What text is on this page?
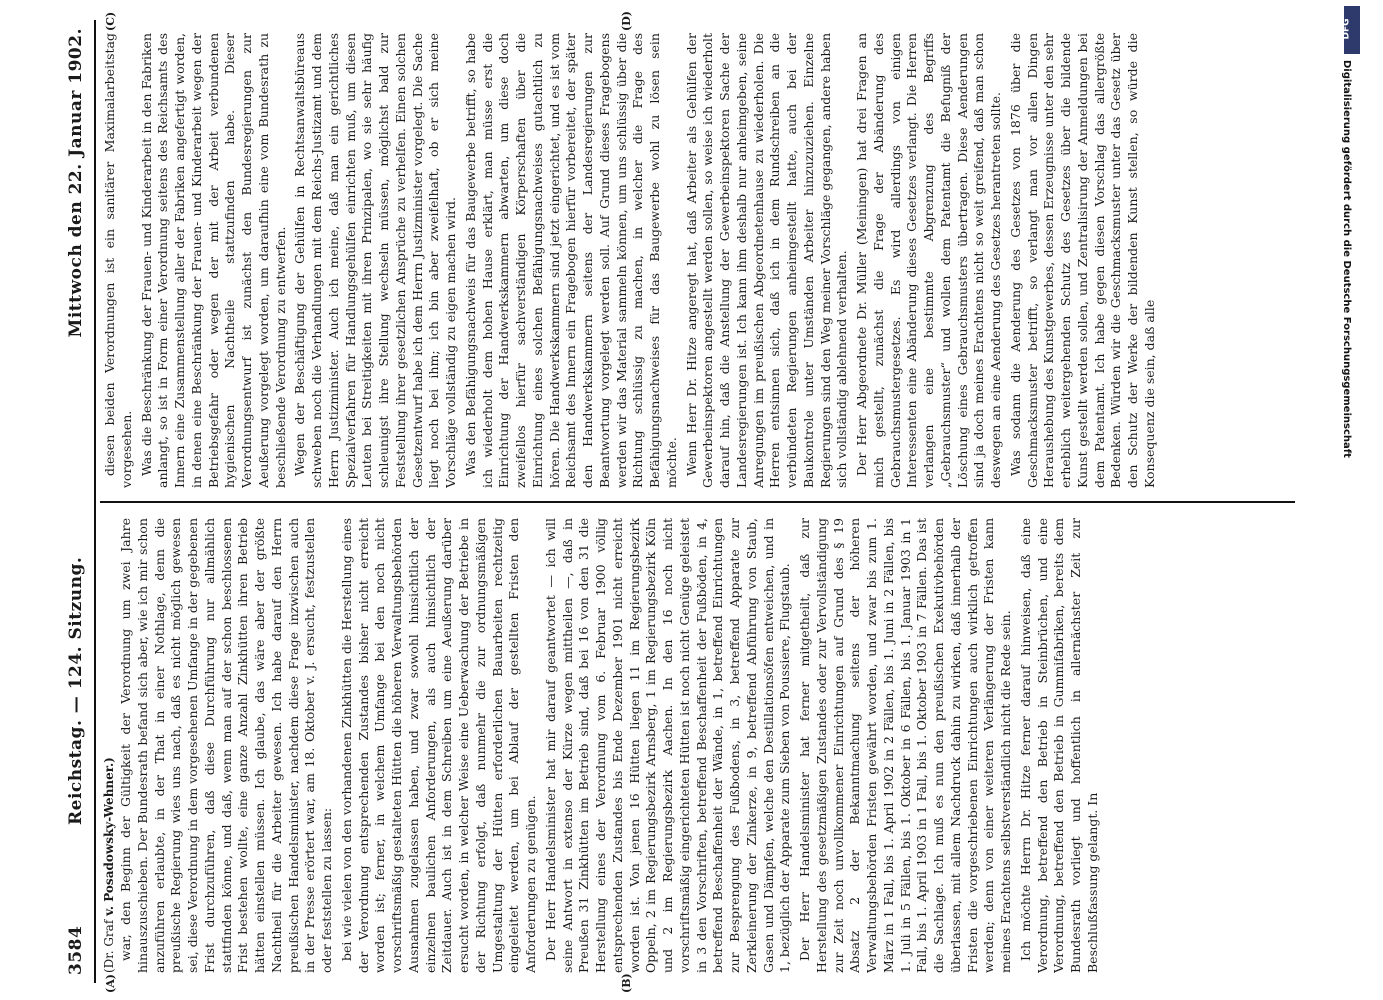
3584
Reichstag. — 124. Sitzung.
Mittwoch den 22. Januar 1902.
(A)	(B)
(C)	(D)
(Dr. Graf v. Posadowsky-Wehner.) war, den Beginn der Gültigkeit der Verordnung um zwei Jahre hinauszuschieben. Der Bundesrath befand sich aber, wie ich mir schon anzuführen erlaubte, in der That in einer Nothlage, denn die preußische Regierung wies uns nach, daß es nicht möglich gewesen sei, diese Verordnung in dem vorgesehenen Umfange in der gegebenen Frist durchzuführen, daß diese Durchführung nur allmählich stattfinden könne, und daß, wenn man auf der schon beschlossenen Frist bestehen wollte, eine ganze Anzahl Zinkhütten ihren Betrieb hätten einstellen müssen. Ich glaube, das wäre aber der größte Nachtheil für die Arbeiter gewesen. Ich habe darauf den Herrn preußischen Handelsminister, nachdem diese Frage inzwischen auch in der Presse erörtert war, am 18. Oktober v. J. ersucht, festzustellen oder feststellen zu lassen: bei wie vielen von den vorhandenen Zinkhütten die Herstellung eines der Verordnung entsprechenden Zustandes bisher nicht erreicht worden ist; ferner, in welchem Umfange bei den noch nicht vorschriftsmäßig gestalteten Hütten die höheren Verwaltungsbehörden Ausnahmen zugelassen haben, und zwar sowohl hinsichtlich der einzelnen baulichen Anforderungen, als auch hinsichtlich der Zeitdauer. Auch ist in dem Schreiben um eine Aeußerung darüber ersucht worden, in welcher Weise eine Ueberwachung der Betriebe in der Richtung erfolgt, daß nunmehr die zur ordnungsmäßigen Umgestaltung der Hütten erforderlichen Bauarbeiten rechtzeitig eingeleitet werden, um bei Ablauf der gestellten Fristen den Anforderungen zu genügen. Der Herr Handelsminister hat mir darauf geantwortet — ich will seine Antwort in extenso der Kürze wegen mittheilen —, daß in Preußen 31 Zinkhütten im Betrieb sind, daß bei 16 von den 31 die Herstellung eines der Verordnung vom 6. Februar 1900 völlig entsprechenden Zustandes bis Ende Dezember 1901 nicht erreicht worden ist. Von jenen 16 Hütten liegen 11 im Regierungsbezirk Oppeln, 2 im Regierungsbezirk Arnsberg, 1 im Regierungsbezirk Köln und 2 im Regierungsbezirk Aachen. In den 16 noch nicht vorschriftsmäßig eingerichteten Hütten ist noch nicht Genüge geleistet in 3 den Vorschriften, betreffend Beschaffenheit der Fußböden, in 4, betreffend Beschaffenheit der Wände, in 1, betreffend Einrichtungen zur Besprengung des Fußbodens, in 3, betreffend Apparate zur Zerkleinerung der Zinkerze, in 9, betreffend Abführung von Staub, Gasen und Dämpfen, welche den Destillationsöfen entweichen, und in 1, bezüglich der Apparate zum Sieben von Poussiere, Flugstaub. Der Herr Handelsminister hat ferner mitgetheilt, daß zur Herstellung des gesetzmäßigen Zustandes oder zur Vervollständigung zur Zeit noch unvollkommener Einrichtungen auf Grund des § 19 Absatz 2 der Bekanntmachung seitens der höheren Verwaltungsbehörden Fristen gewährt worden, und zwar bis zum 1. März in 1 Fall, bis 1. April 1902 in 2 Fällen, bis 1. Juni in 2 Fällen, bis 1. Juli in 5 Fällen, bis 1. Oktober in 6 Fällen, bis 1. Januar 1903 in 1 Fall, bis 1. April 1903 in 1 Fall, bis 1. Oktober 1903 in 7 Fällen. Das ist die Sachlage. Ich muß es nun den preußischen Exekutivbehörden überlassen, mit allem Nachdruck dahin zu wirken, daß innerhalb der Fristen die vorgeschriebenen Einrichtungen auch wirklich getroffen werden; denn von einer weiteren Verlängerung der Fristen kann meines Erachtens selbstverständlich nicht die Rede sein. Ich möchte Herrn Dr. Hitze ferner darauf hinweisen, daß eine Verordnung, betreffend den Betrieb in Steinbrüchen, und eine Verordnung, betreffend den Betrieb in Gummifabriken, bereits dem Bundesrath vorliegt und hoffentlich in allernächster Zeit zur Beschlußfassung gelangt. In

diesen beiden Verordnungen ist ein sanitärer Maximalarbeitstag vorgesehen. Was die Beschränkung der Frauen- und Kinderarbeit in den Fabriken anlangt, so ist in Form einer Verordnung seitens des Reichsamts des Innern eine Zusammenstellung aller der Fabriken angefertigt worden, in denen eine Beschränkung der Frauen- und Kinderarbeit wegen der Betriebsgefahr oder wegen der mit der Arbeit verbundenen hygienischen Nachtheile stattzufinden habe. Dieser Verordnungsentwurf ist zunächst den Bundesregierungen zur Aeußerung vorgelegt worden, um daraufhin eine vom Bundesrath zu beschließende Verordnung zu entwerfen. Wegen der Beschäftigung der Gehülfen in Rechtsanwaltsbüreaus schweben noch die Verhandlungen mit dem Reichs-Justizamt und dem Herrn Justizminister. Auch ich meine, daß man ein gerichtliches Spezialverfahren für Handlungsgehülfen einrichten muß, um diesen Leuten bei Streitigkeiten mit ihren Prinzipalen, wo sie sehr häufig schleunigst ihre Stellung wechseln müssen, möglichst bald zur Feststellung ihrer gesetzlichen Ansprüche zu verhelfen. Einen solchen Gesetzentwurf habe ich dem Herrn Justizminister vorgelegt. Die Sache liegt noch bei ihm; ich bin aber zweifelhaft, ob er sich meine Vorschläge vollständig zu eigen machen wird. Was den Befähigungsnachweis für das Baugewerbe betrifft, so habe ich wiederholt dem hohen Hause erklärt, man müsse erst die Einrichtung der Handwerkskammern abwarten, um diese doch zweifellos hierfür sachverständigen Körperschaften über die Einrichtung eines solchen Befähigungsnachweises gutachtlich zu hören. Die Handwerkskammern sind jetzt eingerichtet, und es ist vom Reichsamt des Innern ein Fragebogen hierfür vorbereitet, der später den Handwerkskammern seitens der Landesregierungen zur Beantwortung vorgelegt werden soll. Auf Grund dieses Fragebogens werden wir das Material sammeln können, um uns schlüssig über die Richtung schlüssig zu machen, in welcher die Frage des Befähigungsnachweises für das Baugewerbe wohl zu lösen sein möchte. Wenn Herr Dr. Hitze angeregt hat, daß Arbeiter als Gehülfen der Gewerbeinspektoren angestellt werden sollen, so weise ich wiederholt darauf hin, daß die Anstellung der Gewerbeinspektoren Sache der Landesregierungen ist. Ich kann ihm deshalb nur anheimgeben, seine Anregungen im preußischen Abgeordnetenhause zu wiederholen. Die Herren entsinnen sich, daß ich in dem Rundschreiben an die verbündeten Regierungen anheimgestellt hatte, auch bei der Baukontrole unter Umständen Arbeiter hinzuzuziehen. Einzelne Regierungen sind den Weg meiner Vorschläge gegangen, andere haben sich vollständig ablehnend verhalten. Der Herr Abgeordnete Dr. Müller (Meiningen) hat drei Fragen an mich gestellt, zunächst die Frage der Abänderung des Gebrauchsmustergesetzes. Es wird allerdings von einigen Interessenten eine Abänderung dieses Gesetzes verlangt. Die Herren verlangen eine bestimmte Abgrenzung des Begriffs „Gebrauchsmuster“ und wollen dem Patentamt die Befugniß der Löschung eines Gebrauchsmusters übertragen. Diese Aenderungen sind ja doch meines Erachtens nicht so weit greifend, daß man schon deswegen an eine Aenderung des Gesetzes herantreten sollte. Was sodann die Aenderung des Gesetzes von 1876 über die Geschmacksmuster betrifft, so verlangt man vor allen Dingen Heraushebung des Kunstgewerbes, dessen Erzeugnisse unter den sehr erheblich weitergehenden Schutz des Gesetzes über die bildende Kunst gestellt werden sollen, und Zentralisirung der Anmeldungen bei dem Patentamt. Ich habe gegen diesen Vorschlag das allergrößte Bedenken. Würden wir die Geschmacksmuster unter das Gesetz über den Schutz der Werke der bildenden Kunst stellen, so würde die Konsequenz die sein, daß alle

DFG
Digitalisierung gefördert durch die Deutsche Forschungsgemeinschaft
